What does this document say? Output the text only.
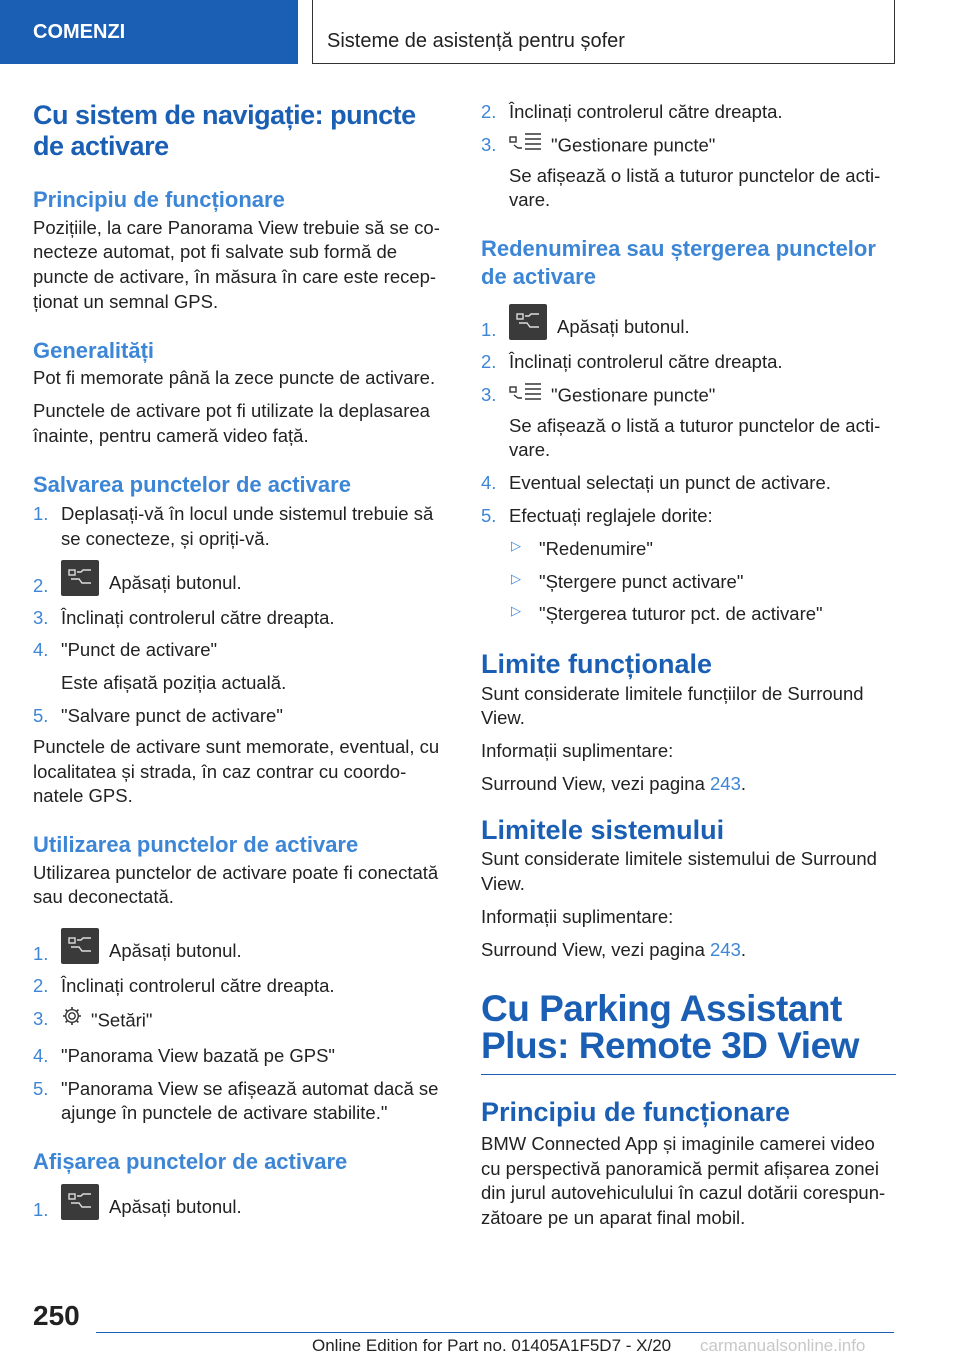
COMENZI	Sisteme de asistență pentru șofer
Cu sistem de navigație: puncte de activare
Principiu de funcționare

Pozițiile, la care Panorama View trebuie să se co-necteze automat, pot fi salvate sub formă de puncte de activare, în măsura în care este recep-ționat un semnal GPS.

Generalități

Pot fi memorate până la zece puncte de activare.

Punctele de activare pot fi utilizate la deplasarea înainte, pentru cameră video față.

Salvarea punctelor de activare
1. Deplasați-vă în locul unde sistemul trebuie să se conecteze, și opriți-vă.
2.	Apăsați butonul.
3. Înclinați controlerul către dreapta.
4. "Punct de activare"
Este afișată poziția actuală.
5. "Salvare punct de activare"

Punctele de activare sunt memorate, eventual, cu localitatea și strada, în caz contrar cu coordo-natele GPS.

Utilizarea punctelor de activare

Utilizarea punctelor de activare poate fi conectată sau deconectată.

1.	Apăsați butonul.
2. Înclinați controlerul către dreapta.
3. "Setări"
4. "Panorama View bazată pe GPS"
5. "Panorama View se afișează automat dacă se ajunge în punctele de activare stabilite."
Afișarea punctelor de activare
1.	Apăsați butonul.
2. Înclinați controlerul către dreapta.
3.	"Gestionare puncte"
Se afișează o listă a tuturor punctelor de acti-vare.
Redenumirea sau ștergerea punctelor de activare
1.	Apăsați butonul.
2. Înclinați controlerul către dreapta.
3.	"Gestionare puncte"
Se afișează o listă a tuturor punctelor de acti-vare.
4. Eventual selectați un punct de activare.
5. Efectuați reglajele dorite:
▷ "Redenumire"
▷ "Ștergere punct activare"
▷ "Ștergerea tuturor pct. de activare"
Limite funcționale

Sunt considerate limitele funcțiilor de Surround View.

Informații suplimentare:

Surround View, vezi pagina 243.

Limitele sistemului

Sunt considerate limitele sistemului de Surround View.

Informații suplimentare:

Surround View, vezi pagina 243.

Cu Parking Assistant Plus: Remote 3D View
Principiu de funcționare

BMW Connected App și imaginile camerei video cu perspectivă panoramică permit afișarea zonei din jurul autovehiculului în cazul dotării corespun-zătoare pe un aparat final mobil.

250
Online Edition for Part no. 01405A1F5D7 - X/20 carmanualsonline.info
